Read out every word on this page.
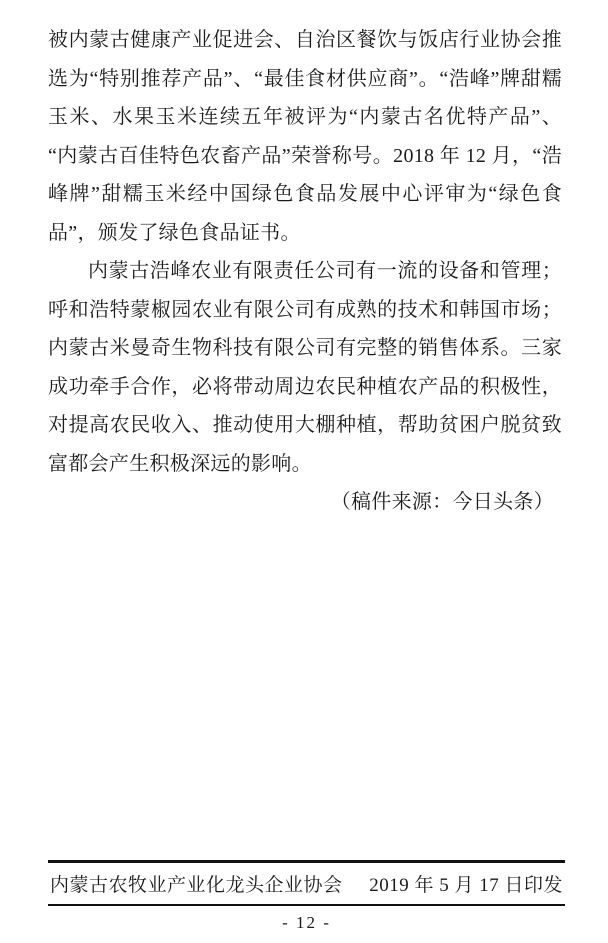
被内蒙古健康产业促进会、自治区餐饮与饭店行业协会推选为“特别推荐产品”、“最佳食材供应商”。“浩峰”牌甜糯玉米、水果玉米连续五年被评为“内蒙古名优特产品”、“内蒙古百佳特色农畜产品”荣誉称号。2018 年 12 月，“浩峰牌”甜糯玉米经中国绿色食品发展中心评审为“绿色食品”，颁发了绿色食品证书。

内蒙古浩峰农业有限责任公司有一流的设备和管理；呼和浩特蒙椒园农业有限公司有成熟的技术和韩国市场；内蒙古米曼奇生物科技有限公司有完整的销售体系。三家成功牵手合作，必将带动周边农民种植农产品的积极性，对提高农民收入、推动使用大棚种植，帮助贫困户脱贫致富都会产生积极深远的影响。

（稿件来源：今日头条）
内蒙古农牧业产业化龙头企业协会 2019 年 5 月 17 日印发
- 12 -
